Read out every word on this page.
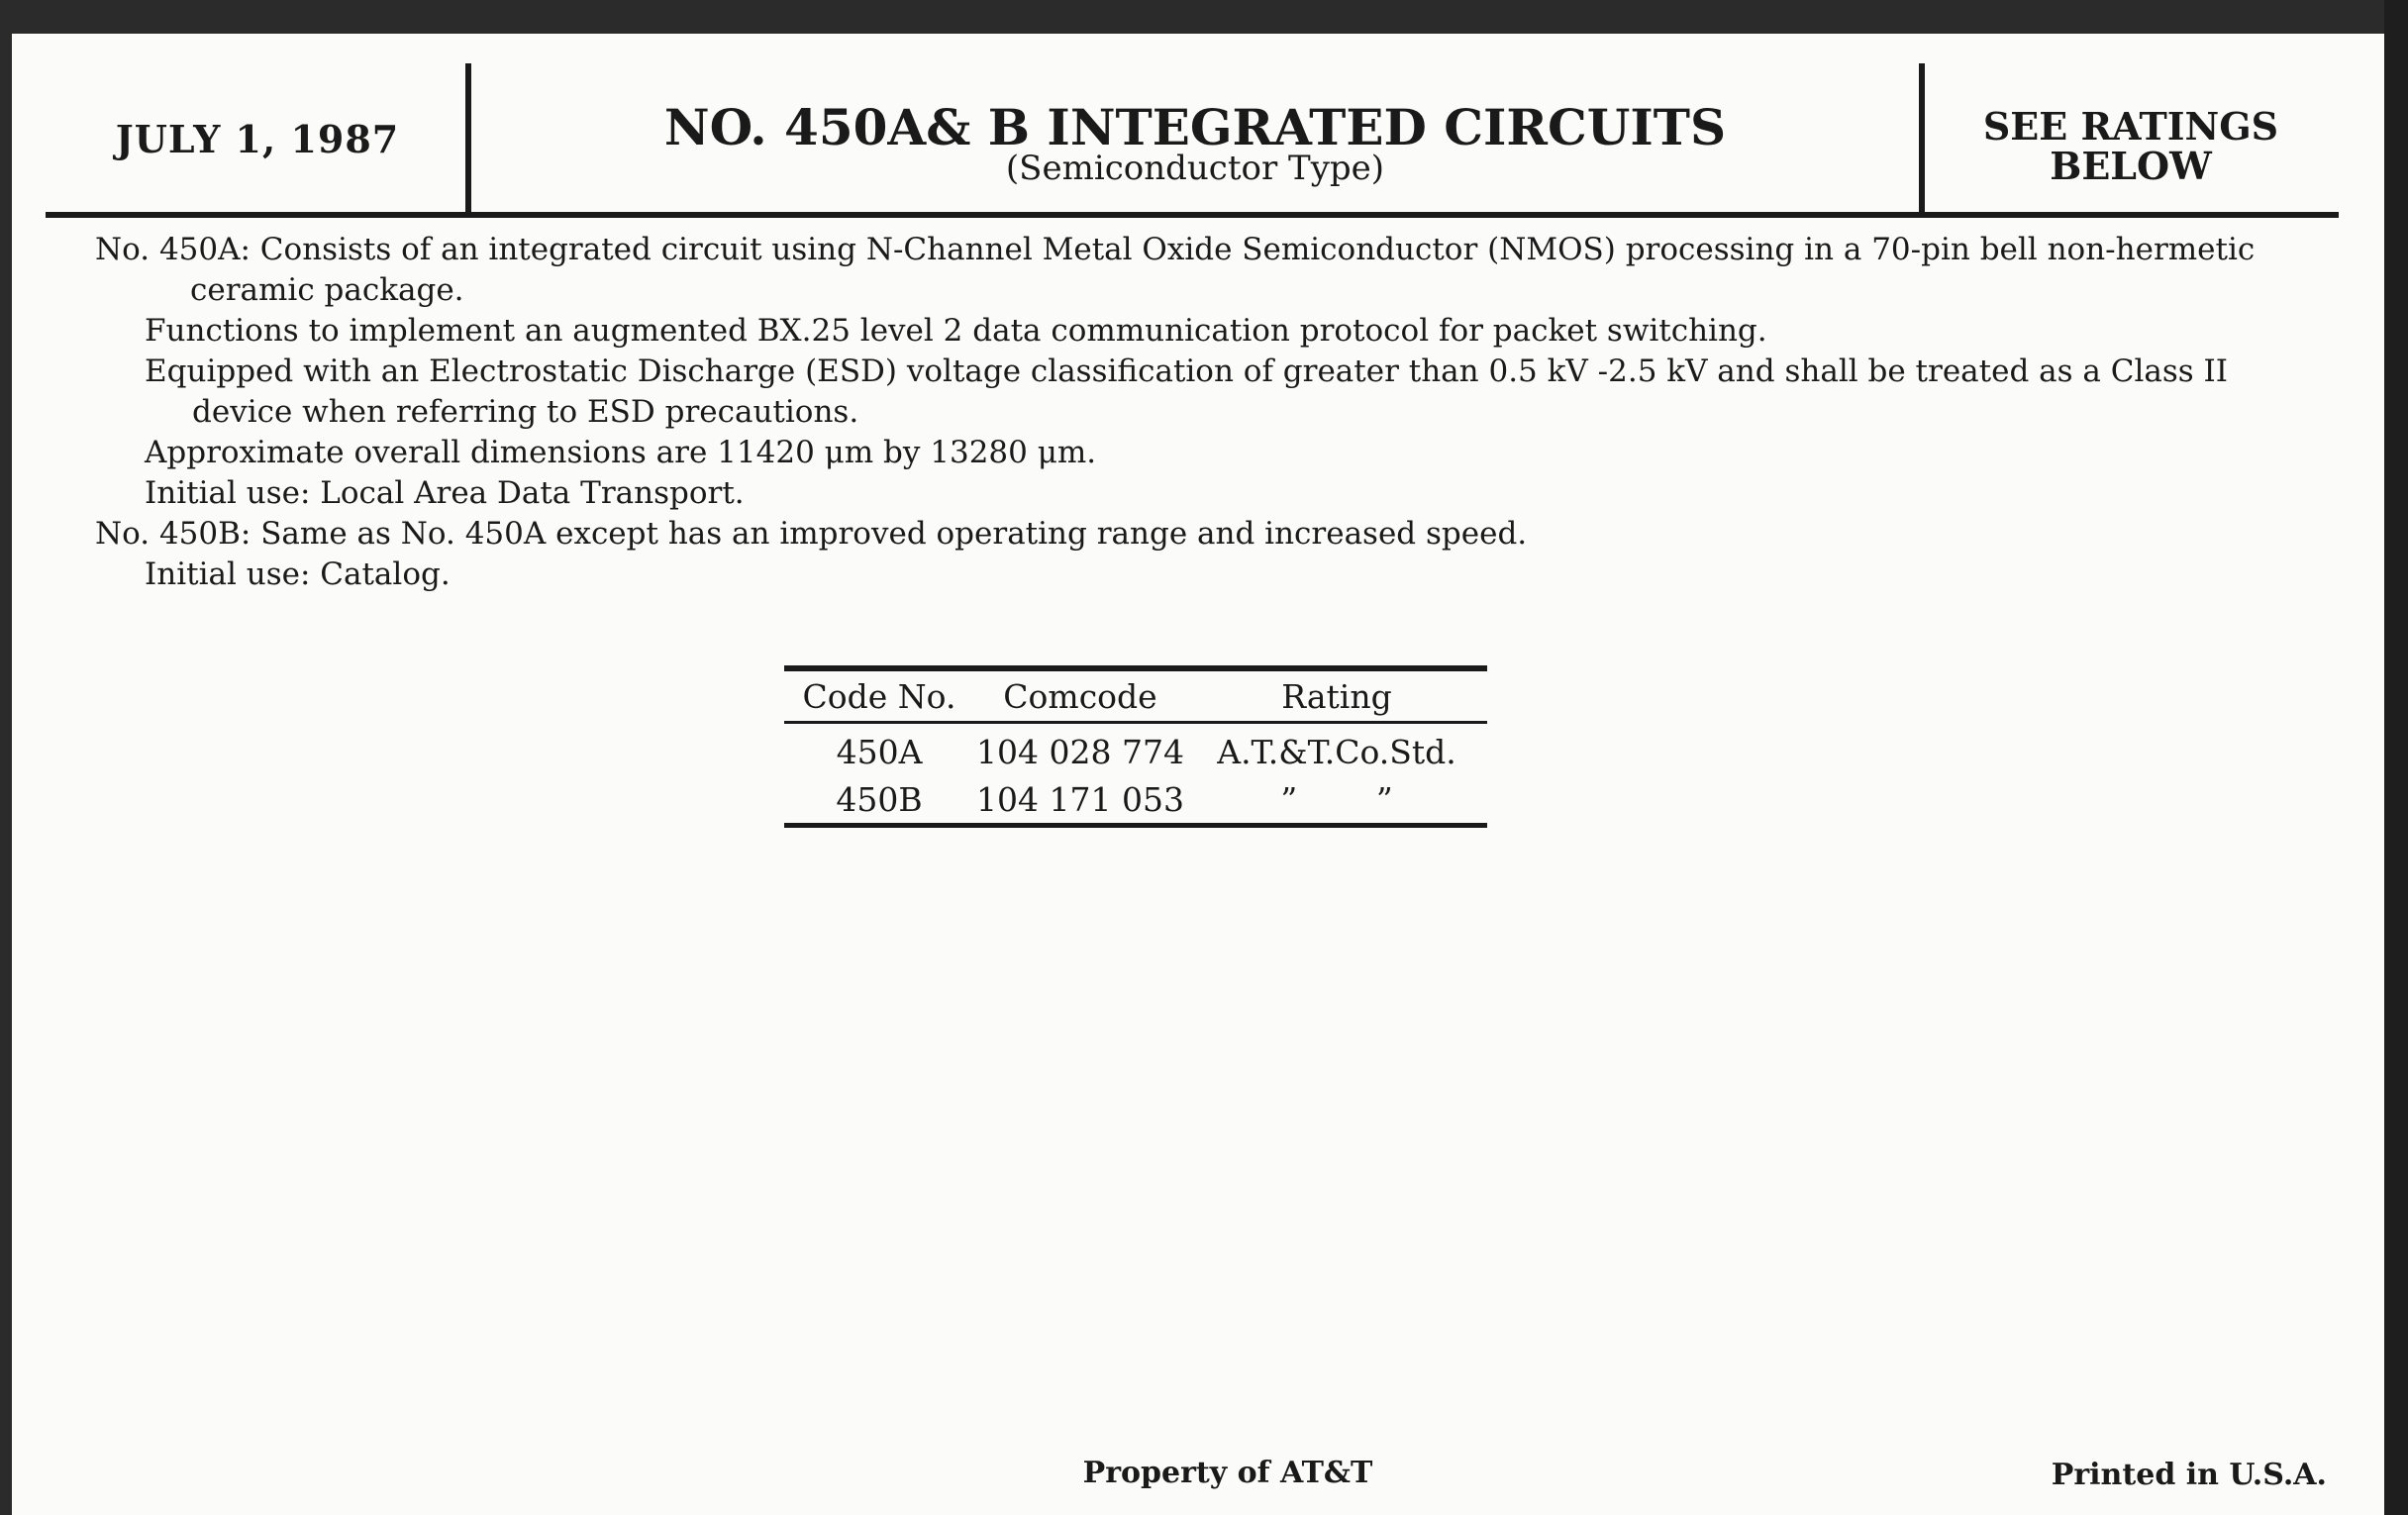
JULY 1, 1987	NO. 450A& B INTEGRATED CIRCUITS
(Semiconductor Type)
SEE RATINGS
BELOW

No. 450A: Consists of an integrated circuit using N-Channel Metal Oxide Semiconductor (NMOS) processing in a 70-pin bell non-hermetic ceramic package.

Functions to implement an augmented BX.25 level 2 data communication protocol for packet switching.

Equipped with an Electrostatic Discharge (ESD) voltage classification of greater than 0.5 kV -2.5 kV and shall be treated as a Class II device when referring to ESD precautions.

Approximate overall dimensions are 11420 μm by 13280 μm.

Initial use: Local Area Data Transport.

No. 450B: Same as No. 450A except has an improved operating range and increased speed.

Initial use: Catalog.

Code No.	Comcode	Rating
450A	104 028 774	A.T.&T.Co.Std.
450B	104 171 053	” ”
Property of AT&T	Printed in U.S.A.
